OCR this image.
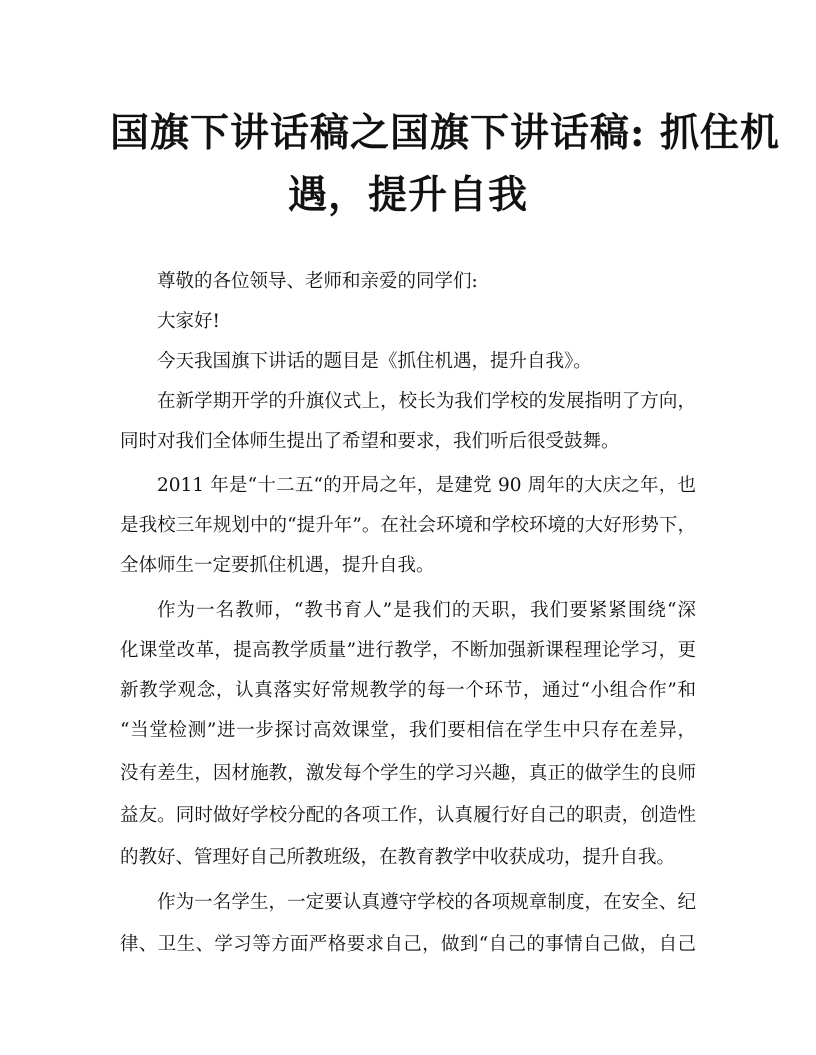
国旗下讲话稿之国旗下讲话稿: 抓住机
遇，提升自我
尊敬的各位领导、老师和亲爱的同学们:
大家好!
今天我国旗下讲话的题目是《抓住机遇，提升自我》。
在新学期开学的升旗仪式上，校长为我们学校的发展指明了方向，
同时对我们全体师生提出了希望和要求，我们听后很受鼓舞。
2011 年是“十二五“的开局之年，是建党 90 周年的大庆之年，也
是我校三年规划中的“提升年”。在社会环境和学校环境的大好形势下，
全体师生一定要抓住机遇，提升自我。
作为一名教师，“教书育人”是我们的天职，我们要紧紧围绕“深
化课堂改革，提高教学质量”进行教学，不断加强新课程理论学习，更
新教学观念，认真落实好常规教学的每一个环节，通过“小组合作”和
“当堂检测”进一步探讨高效课堂，我们要相信在学生中只存在差异，
没有差生，因材施教，激发每个学生的学习兴趣，真正的做学生的良师
益友。同时做好学校分配的各项工作，认真履行好自己的职责，创造性
的教好、管理好自己所教班级，在教育教学中收获成功，提升自我。
作为一名学生，一定要认真遵守学校的各项规章制度，在安全、纪
律、卫生、学习等方面严格要求自己，做到“自己的事情自己做，自己
